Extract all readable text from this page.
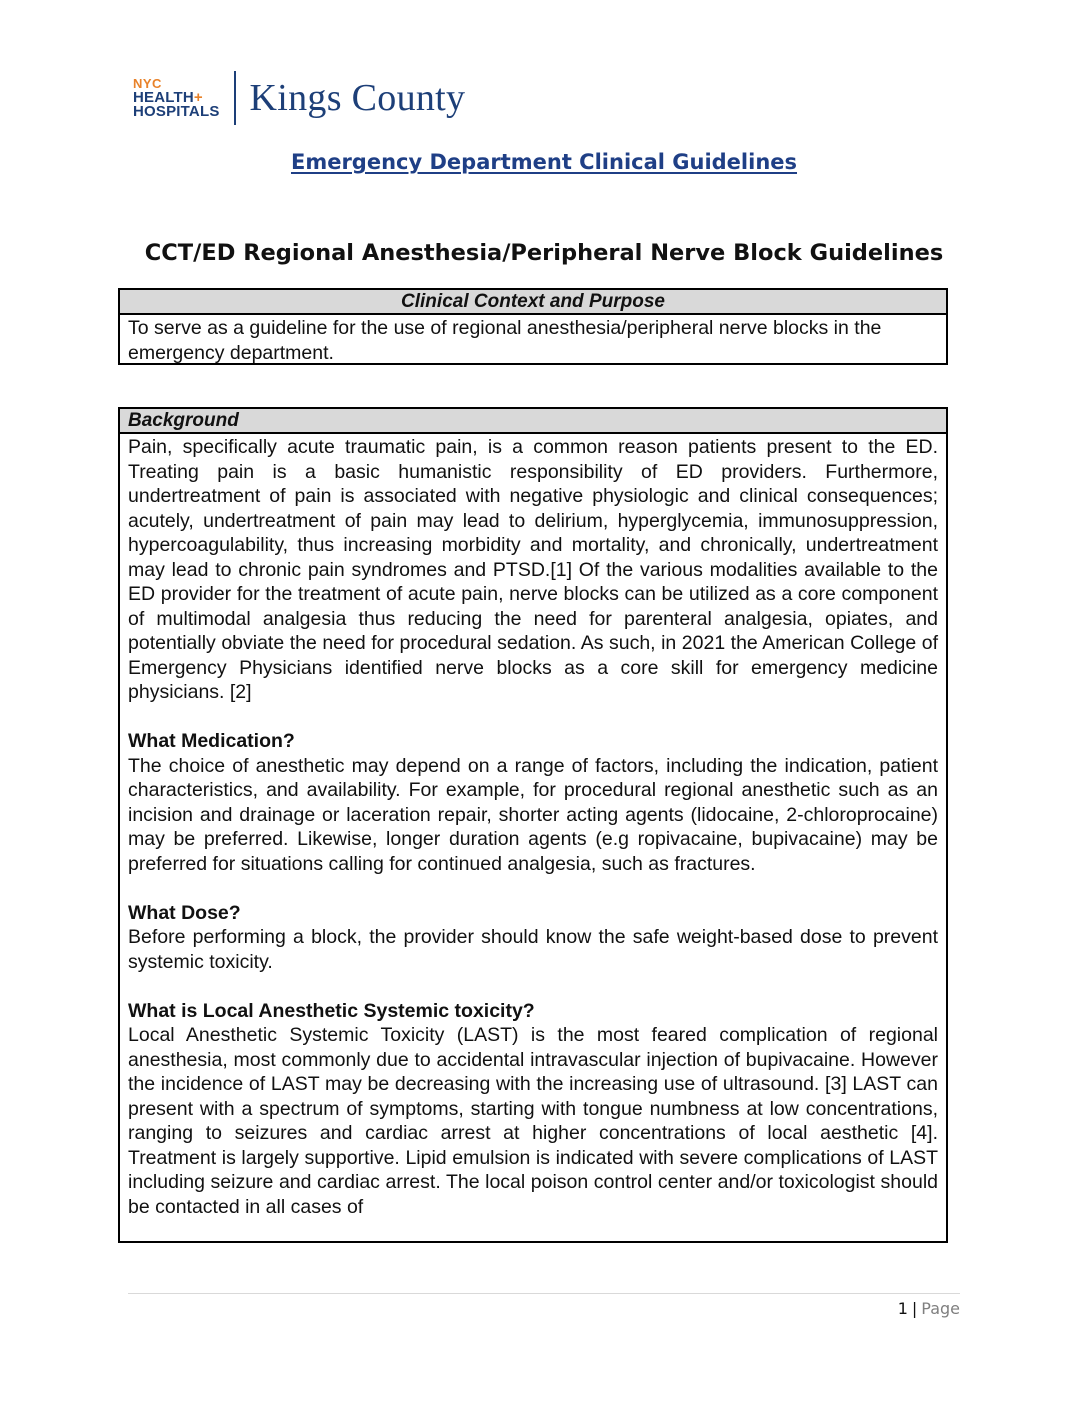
NYC
HEALTH+
HOSPITALS Kings County
Emergency Department Clinical Guidelines
CCT/ED Regional Anesthesia/Peripheral Nerve Block Guidelines
Clinical Context and Purpose
To serve as a guideline for the use of regional anesthesia/peripheral nerve blocks in the emergency department.
Background
Pain, specifically acute traumatic pain, is a common reason patients present to the ED. Treating pain is a basic humanistic responsibility of ED providers. Furthermore, undertreatment of pain is associated with negative physiologic and clinical consequences; acutely, undertreatment of pain may lead to delirium, hyperglycemia, immunosuppression, hypercoagulability, thus increasing morbidity and mortality, and chronically, undertreatment may lead to chronic pain syndromes and PTSD.[1] Of the various modalities available to the ED provider for the treatment of acute pain, nerve blocks can be utilized as a core component of multimodal analgesia thus reducing the need for parenteral analgesia, opiates, and potentially obviate the need for procedural sedation. As such, in 2021 the American College of Emergency Physicians identified nerve blocks as a core skill for emergency medicine physicians. [2]
What Medication?
The choice of anesthetic may depend on a range of factors, including the indication, patient characteristics, and availability. For example, for procedural regional anesthetic such as an incision and drainage or laceration repair, shorter acting agents (lidocaine, 2-chloroprocaine) may be preferred. Likewise, longer duration agents (e.g ropivacaine, bupivacaine) may be preferred for situations calling for continued analgesia, such as fractures.
What Dose?
Before performing a block, the provider should know the safe weight-based dose to prevent systemic toxicity.
What is Local Anesthetic Systemic toxicity?
Local Anesthetic Systemic Toxicity (LAST) is the most feared complication of regional anesthesia, most commonly due to accidental intravascular injection of bupivacaine. However the incidence of LAST may be decreasing with the increasing use of ultrasound. [3] LAST can present with a spectrum of symptoms, starting with tongue numbness at low concentrations, ranging to seizures and cardiac arrest at higher concentrations of local aesthetic [4]. Treatment is largely supportive. Lipid emulsion is indicated with severe complications of LAST including seizure and cardiac arrest. The local poison control center and/or toxicologist should be contacted in all cases of
1 | Page
